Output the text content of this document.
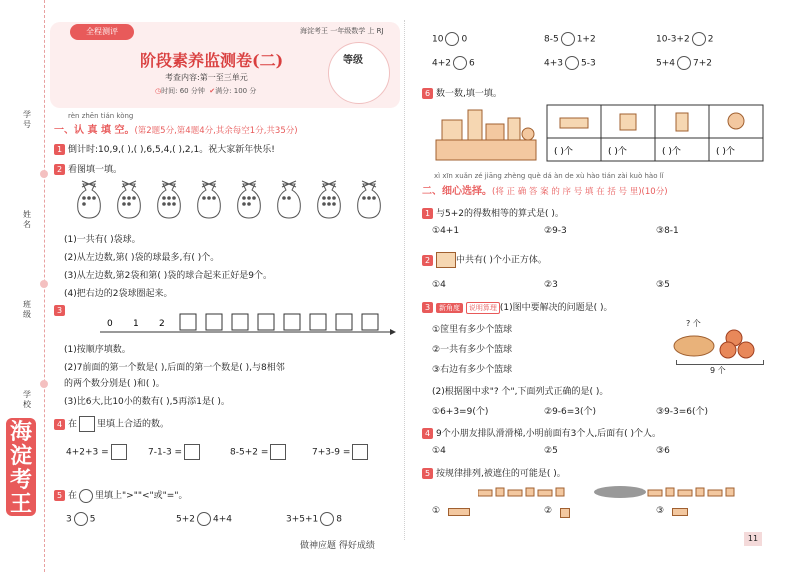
学号
姓名
班级
学校
海淀考王
全程测评	海淀考王 一年级数学 上 RJ
阶段素养监测卷(二)
考查内容:第一至三单元
◷时间: 60 分钟 ✔满分: 100 分
等级
rèn zhēn tián kòng
一、认 真 填 空。(第2题5分,第4题4分,其余每空1分,共35分)
1 倒计时:10,9,( ),( ),6,5,4,( ),2,1。祝大家新年快乐!
2 看图填一填。
(1)一共有( )袋球。
(2)从左边数,第( )袋的球最多,有( )个。
(3)从左边数,第2袋和第( )袋的球合起来正好是9个。
(4)把右边的2袋球圈起来。
3
0 1 2
(1)按顺序填数。
(2)7前面的第一个数是( ),后面的第一个数是( ),与8相邻
的两个数分别是( )和( )。
(3)比6大,比10小的数有( ),5再添1是( )。
4 在 里填上合适的数。
4+2+3 =	7-1-3 =	8-5+2 =	7+3-9 =
5 在 里填上">""<"或"="。
3 5	5+2 4+4	3+5+1 8
10 0	8-5 1+2	10-3+2 2
4+2 6	4+3 5-3	5+4 7+2
6 数一数,填一填。
( )个	( )个	( )个	( )个
xì xīn xuǎn zé jiāng zhèng què dá àn de xù hào tián zài kuò hào lǐ
二、细心选择。(将 正 确 答 案 的 序 号 填 在 括 号 里)(10分)
1 与5+2的得数相等的算式是( )。
①4+1	②9-3	③8-1
2	中共有( )个小正方体。
①4	②3	③5
3 新角度 说明算理 (1)图中要解决的问题是( )。
①筐里有多少个篮球
②一共有多少个篮球
③右边有多少个篮球
? 个
9 个
(2)根据图中求"? 个",下面列式正确的是( )。
①6+3=9(个)	②9-6=3(个)	③9-3=6(个)
4 9个小朋友排队滑滑梯,小明前面有3个人,后面有( )个人。
①4	②5	③6
5 按规律排列,被遮住的可能是( )。
①	②	③
做神应题 得好成绩
11
